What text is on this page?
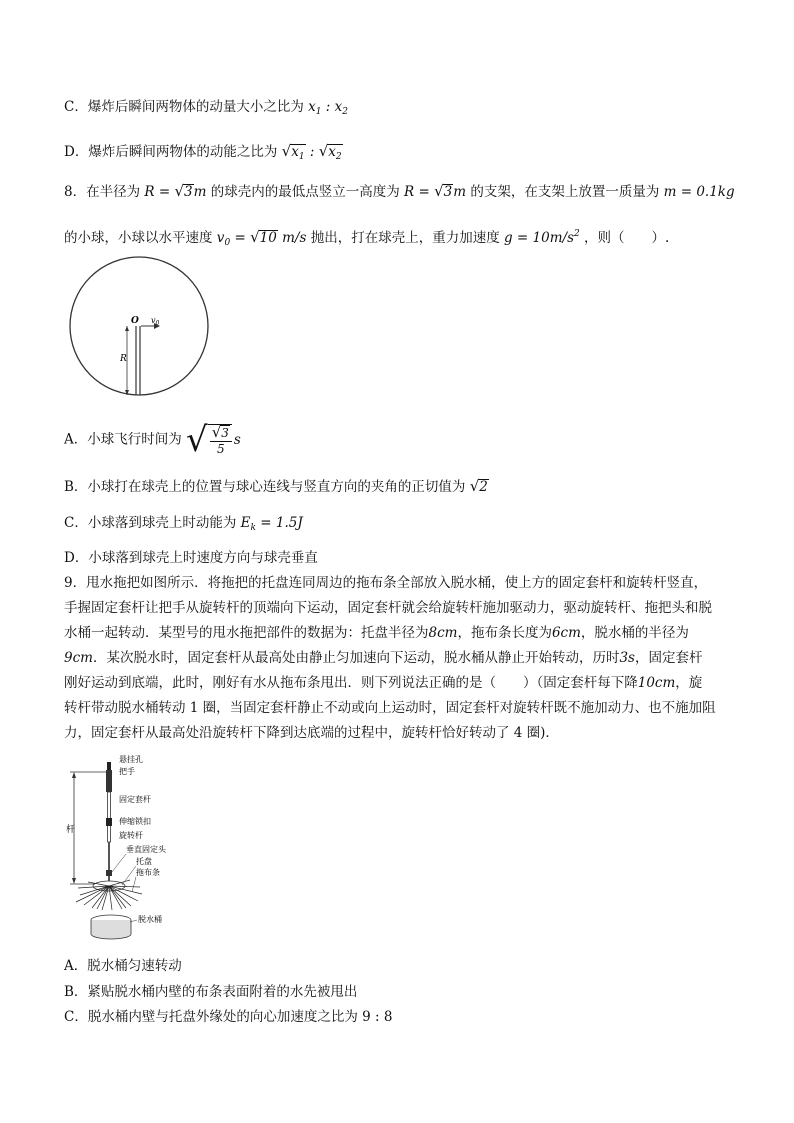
C．爆炸后瞬间两物体的动量大小之比为 $x_1$ : $x_2$
D．爆炸后瞬间两物体的动能之比为 $√x_1$ : $√x_2$
8．在半径为 R = √3m 的球壳内的最低点竖立一高度为 R = √3m 的支架，在支架上放置一质量为 m = 0.1kg
的小球，小球以水平速度 $v_0 = √10$ m/s 抛出，打在球壳上，重力加速度 $g = 10m/s^2$ ，则（　　）.
O $v_0$
R
A．小球飞行时间为 √ $\frac{√3}{5}$ s
B．小球打在球壳上的位置与球心连线与竖直方向的夹角的正切值为 √2
C．小球落到球壳上时动能为 $E_k = 1.5J$
D．小球落到球壳上时速度方向与球壳垂直
9．甩水拖把如图所示．将拖把的托盘连同周边的拖布条全部放入脱水桶，使上方的固定套杆和旋转杆竖直，
手握固定套杆让把手从旋转杆的顶端向下运动，固定套杆就会给旋转杆施加驱动力，驱动旋转杆、拖把头和脱
水桶一起转动．某型号的甩水拖把部件的数据为：托盘半径为8cm，拖布条长度为6cm，脱水桶的半径为
9cm．某次脱水时，固定套杆从最高处由静止匀加速向下运动，脱水桶从静止开始转动，历时3s，固定套杆
刚好运动到底端，此时，刚好有水从拖布条甩出．则下列说法正确的是（　　）（固定套杆每下降10cm，旋
转杆带动脱水桶转动 1 圈，当固定套杆静止不动或向上运动时，固定套杆对旋转杆既不施加动力、也不施加阻
力，固定套杆从最高处沿旋转杆下降到达底端的过程中，旋转杆恰好转动了 4 圈)．
杆
悬挂孔
把手
固定套杆
伸缩锁扣
旋转杆
垂直固定头
托盘
拖布条
脱水桶
A．脱水桶匀速转动
B．紧贴脱水桶内壁的布条表面附着的水先被甩出
C．脱水桶内壁与托盘外缘处的向心加速度之比为 9 : 8
